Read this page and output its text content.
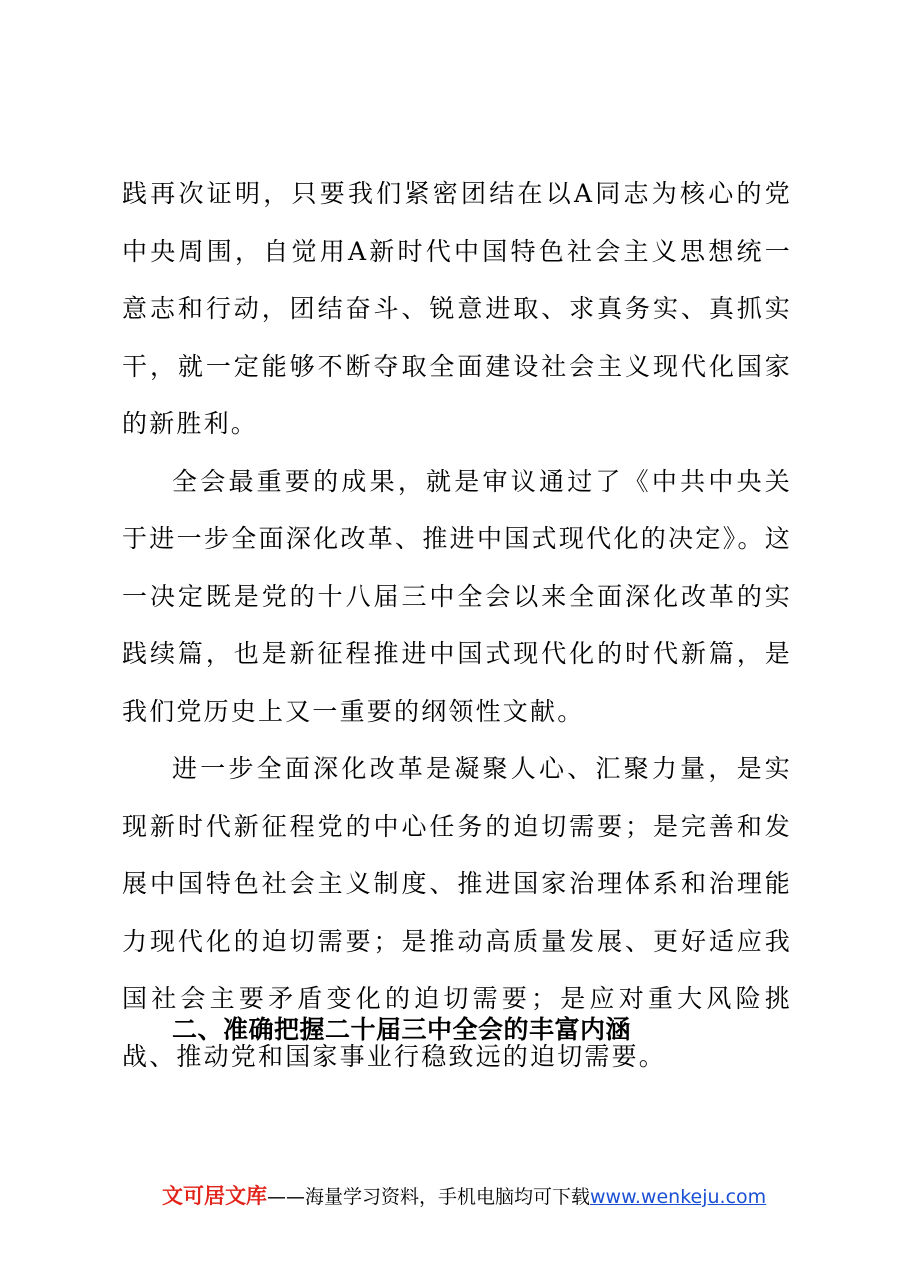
践再次证明，只要我们紧密团结在以A同志为核心的党中央周围，自觉用A新时代中国特色社会主义思想统一意志和行动，团结奋斗、锐意进取、求真务实、真抓实干，就一定能够不断夺取全面建设社会主义现代化国家的新胜利。

全会最重要的成果，就是审议通过了《中共中央关于进一步全面深化改革、推进中国式现代化的决定》。这一决定既是党的十八届三中全会以来全面深化改革的实践续篇，也是新征程推进中国式现代化的时代新篇，是我们党历史上又一重要的纲领性文献。

进一步全面深化改革是凝聚人心、汇聚力量，是实现新时代新征程党的中心任务的迫切需要；是完善和发展中国特色社会主义制度、推进国家治理体系和治理能力现代化的迫切需要；是推动高质量发展、更好适应我国社会主要矛盾变化的迫切需要；是应对重大风险挑战、推动党和国家事业行稳致远的迫切需要。

二、准确把握二十届三中全会的丰富内涵
文可居文库——海量学习资料，手机电脑均可下载www.wenkeju.com
